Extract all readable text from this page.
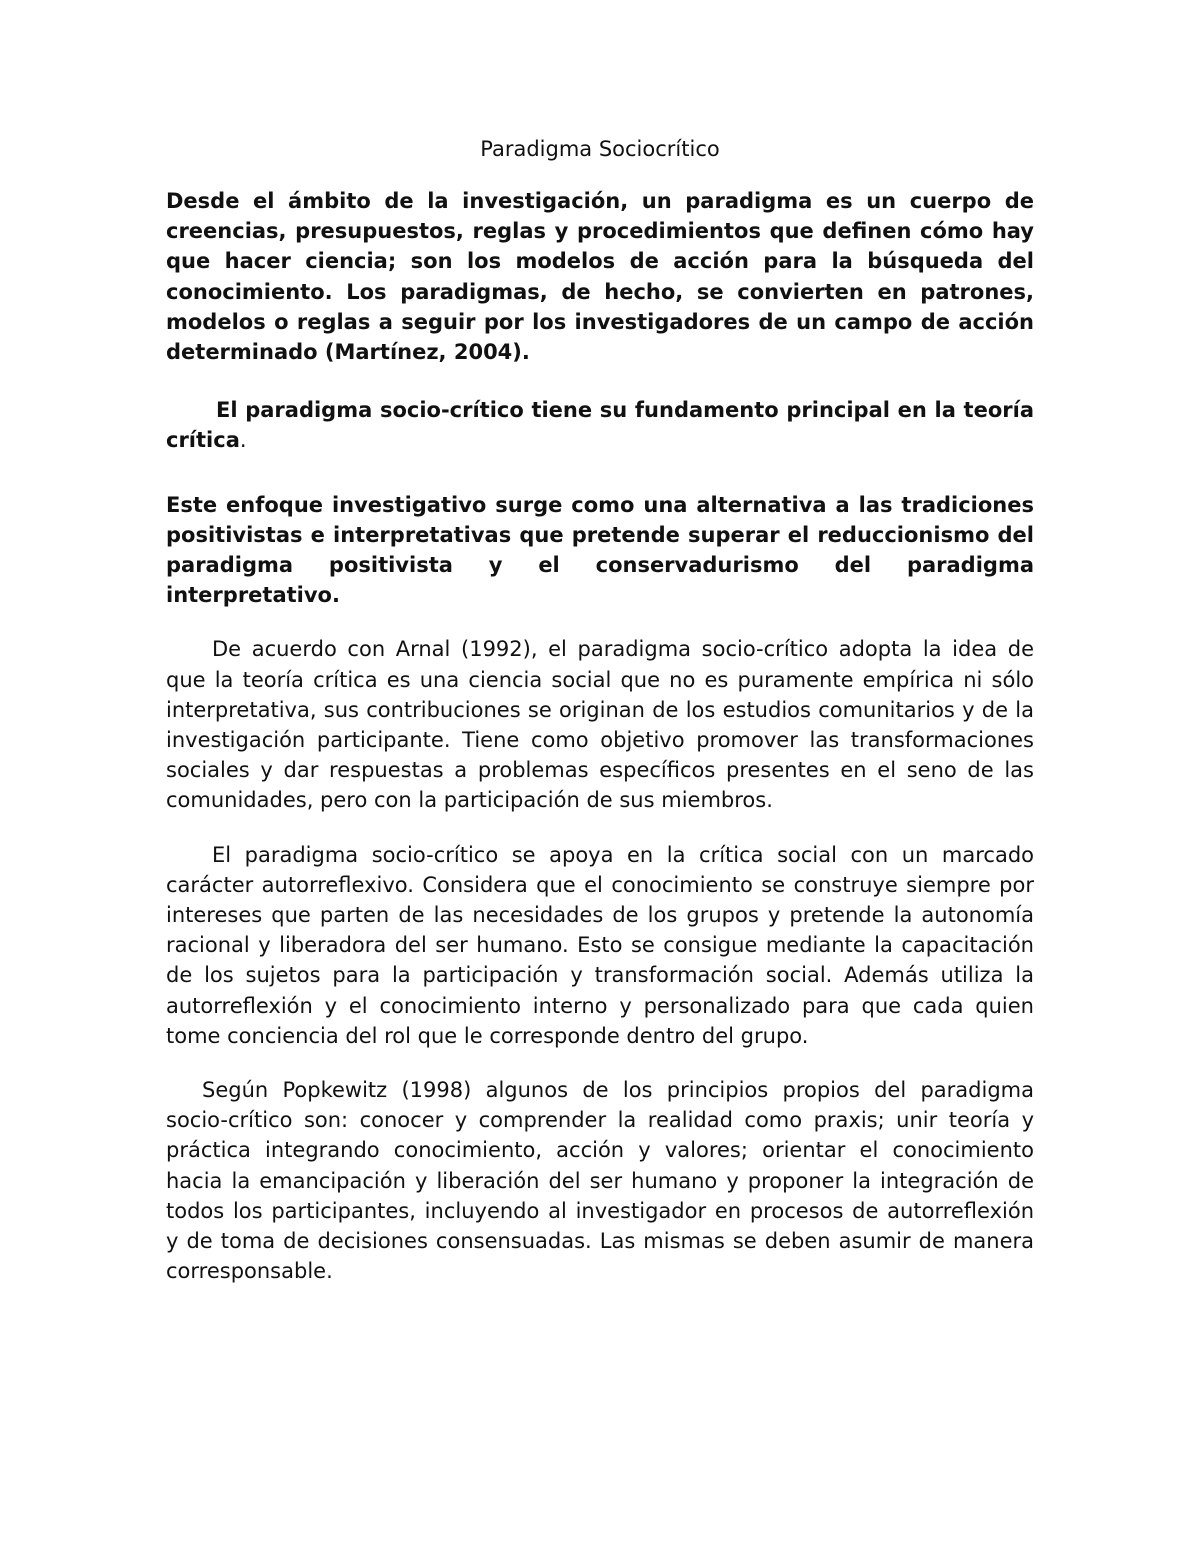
Paradigma Sociocrítico

Desde el ámbito de la investigación, un paradigma es un cuerpo de creencias, presupuestos, reglas y procedimientos que definen cómo hay que hacer ciencia; son los modelos de acción para la búsqueda del conocimiento. Los paradigmas, de hecho, se convierten en patrones, modelos o reglas a seguir por los investigadores de un campo de acción determinado (Martínez, 2004).

El paradigma socio-crítico tiene su fundamento principal en la teoría crítica.

Este enfoque investigativo surge como una alternativa a las tradiciones positivistas e interpretativas que pretende superar el reduccionismo del paradigma positivista y el conservadurismo del paradigma interpretativo.

De acuerdo con Arnal (1992), el paradigma socio-crítico adopta la idea de que la teoría crítica es una ciencia social que no es puramente empírica ni sólo interpretativa, sus contribuciones se originan de los estudios comunitarios y de la investigación participante. Tiene como objetivo promover las transformaciones sociales y dar respuestas a problemas específicos presentes en el seno de las comunidades, pero con la participación de sus miembros.

El paradigma socio-crítico se apoya en la crítica social con un marcado carácter autorreflexivo. Considera que el conocimiento se construye siempre por intereses que parten de las necesidades de los grupos y pretende la autonomía racional y liberadora del ser humano. Esto se consigue mediante la capacitación de los sujetos para la participación y transformación social. Además utiliza la autorreflexión y el conocimiento interno y personalizado para que cada quien tome conciencia del rol que le corresponde dentro del grupo.

Según Popkewitz (1998) algunos de los principios propios del paradigma socio-crítico son: conocer y comprender la realidad como praxis; unir teoría y práctica integrando conocimiento, acción y valores; orientar el conocimiento hacia la emancipación y liberación del ser humano y proponer la integración de todos los participantes, incluyendo al investigador en procesos de autorreflexión y de toma de decisiones consensuadas. Las mismas se deben asumir de manera corresponsable.
